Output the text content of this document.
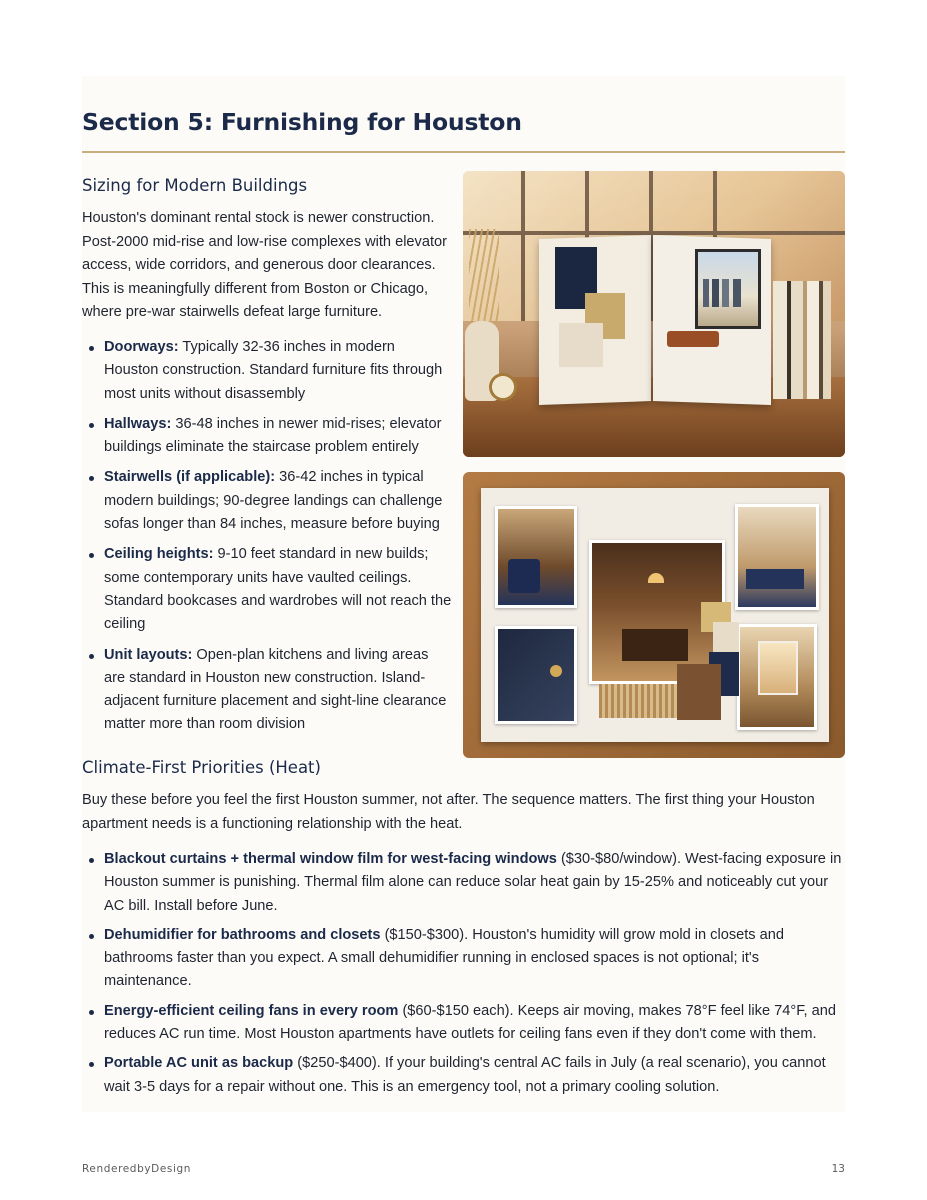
Section 5: Furnishing for Houston
Sizing for Modern Buildings

Houston's dominant rental stock is newer construction. Post-2000 mid-rise and low-rise complexes with elevator access, wide corridors, and generous door clearances. This is meaningfully different from Boston or Chicago, where pre-war stairwells defeat large furniture.

Doorways: Typically 32-36 inches in modern Houston construction. Standard furniture fits through most units without disassembly
Hallways: 36-48 inches in newer mid-rises; elevator buildings eliminate the staircase problem entirely
Stairwells (if applicable): 36-42 inches in typical modern buildings; 90-degree landings can challenge sofas longer than 84 inches, measure before buying
Ceiling heights: 9-10 feet standard in new builds; some contemporary units have vaulted ceilings. Standard bookcases and wardrobes will not reach the ceiling
Unit layouts: Open-plan kitchens and living areas are standard in Houston new construction. Island-adjacent furniture placement and sight-line clearance matter more than room division
Climate-First Priorities (Heat)

Buy these before you feel the first Houston summer, not after. The sequence matters. The first thing your Houston apartment needs is a functioning relationship with the heat.

Blackout curtains + thermal window film for west-facing windows ($30-$80/window). West-facing exposure in Houston summer is punishing. Thermal film alone can reduce solar heat gain by 15-25% and noticeably cut your AC bill. Install before June.
Dehumidifier for bathrooms and closets ($150-$300). Houston's humidity will grow mold in closets and bathrooms faster than you expect. A small dehumidifier running in enclosed spaces is not optional; it's maintenance.
Energy-efficient ceiling fans in every room ($60-$150 each). Keeps air moving, makes 78°F feel like 74°F, and reduces AC run time. Most Houston apartments have outlets for ceiling fans even if they don't come with them.
Portable AC unit as backup ($250-$400). If your building's central AC fails in July (a real scenario), you cannot wait 3-5 days for a repair without one. This is an emergency tool, not a primary cooling solution.
RenderedbyDesign	13
